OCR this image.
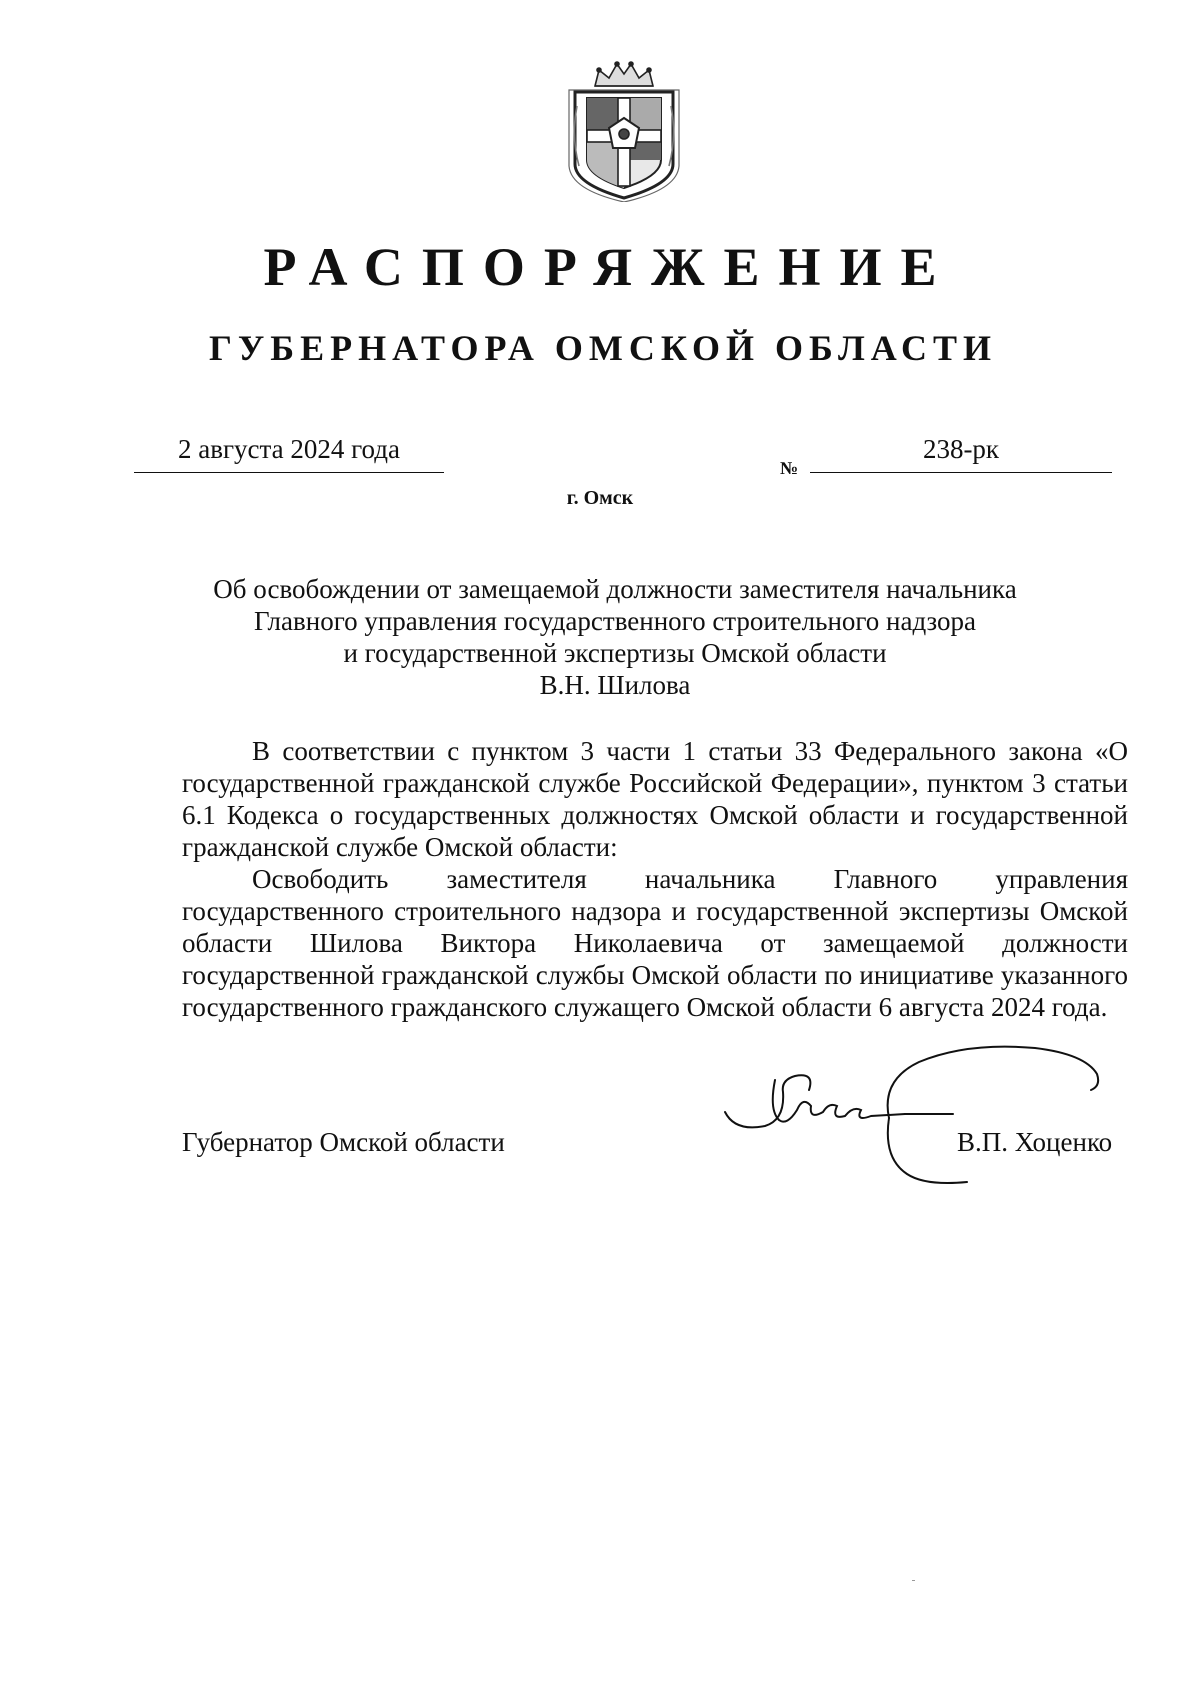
РАСПОРЯЖЕНИЕ
ГУБЕРНАТОРА ОМСКОЙ ОБЛАСТИ
2 августа 2024 года
№
238-рк
г. Омск
Об освобождении от замещаемой должности заместителя начальника
Главного управления государственного строительного надзора
и государственной экспертизы Омской области
В.Н. Шилова

В соответствии с пунктом 3 части 1 статьи 33 Федерального закона «О государственной гражданской службе Российской Федерации», пунктом 3 статьи 6.1 Кодекса о государственных должностях Омской области и государственной гражданской службе Омской области:

Освободить заместителя начальника Главного управления государственного строительного надзора и государственной экспертизы Омской области Шилова Виктора Николаевича от замещаемой должности государственной гражданской службы Омской области по инициативе указанного государственного гражданского служащего Омской области 6 августа 2024 года.

Губернатор Омской области	В.П. Хоценко
